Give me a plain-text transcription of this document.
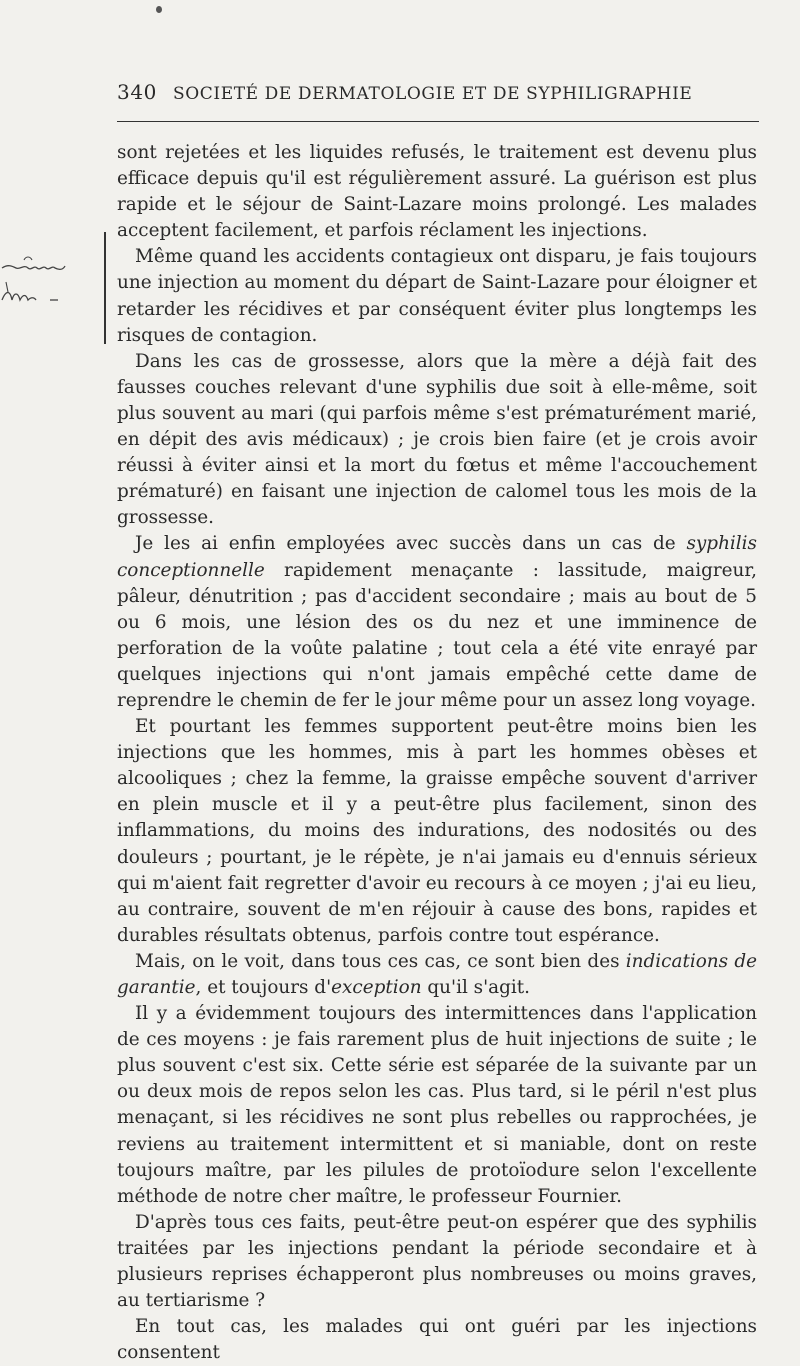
340 SOCIETÉ DE DERMATOLOGIE ET DE SYPHILIGRAPHIE

sont rejetées et les liquides refusés, le traitement est devenu plus efficace depuis qu'il est régulièrement assuré. La guérison est plus rapide et le séjour de Saint-Lazare moins prolongé. Les malades acceptent facilement, et parfois réclament les injections.

Même quand les accidents contagieux ont disparu, je fais toujours une injection au moment du départ de Saint-Lazare pour éloigner et retarder les récidives et par conséquent éviter plus longtemps les risques de contagion.

Dans les cas de grossesse, alors que la mère a déjà fait des fausses couches relevant d'une syphilis due soit à elle-même, soit plus souvent au mari (qui parfois même s'est prématurément marié, en dépit des avis médicaux) ; je crois bien faire (et je crois avoir réussi à éviter ainsi et la mort du fœtus et même l'accouchement prématuré) en faisant une injection de calomel tous les mois de la grossesse.

Je les ai enfin employées avec succès dans un cas de syphilis conceptionnelle rapidement menaçante : lassitude, maigreur, pâleur, dénutrition ; pas d'accident secondaire ; mais au bout de 5 ou 6 mois, une lésion des os du nez et une imminence de perforation de la voûte palatine ; tout cela a été vite enrayé par quelques injections qui n'ont jamais empêché cette dame de reprendre le chemin de fer le jour même pour un assez long voyage.

Et pourtant les femmes supportent peut-être moins bien les injections que les hommes, mis à part les hommes obèses et alcooliques ; chez la femme, la graisse empêche souvent d'arriver en plein muscle et il y a peut-être plus facilement, sinon des inflammations, du moins des indurations, des nodosités ou des douleurs ; pourtant, je le répète, je n'ai jamais eu d'ennuis sérieux qui m'aient fait regretter d'avoir eu recours à ce moyen ; j'ai eu lieu, au contraire, souvent de m'en réjouir à cause des bons, rapides et durables résultats obtenus, parfois contre tout espérance.

Mais, on le voit, dans tous ces cas, ce sont bien des indications de garantie, et toujours d'exception qu'il s'agit.

Il y a évidemment toujours des intermittences dans l'application de ces moyens : je fais rarement plus de huit injections de suite ; le plus souvent c'est six. Cette série est séparée de la suivante par un ou deux mois de repos selon les cas. Plus tard, si le péril n'est plus menaçant, si les récidives ne sont plus rebelles ou rapprochées, je reviens au traitement intermittent et si maniable, dont on reste toujours maître, par les pilules de protoïodure selon l'excellente méthode de notre cher maître, le professeur Fournier.

D'après tous ces faits, peut-être peut-on espérer que des syphilis traitées par les injections pendant la période secondaire et à plusieurs reprises échapperont plus nombreuses ou moins graves, au tertiarisme ?

En tout cas, les malades qui ont guéri par les injections consentent
